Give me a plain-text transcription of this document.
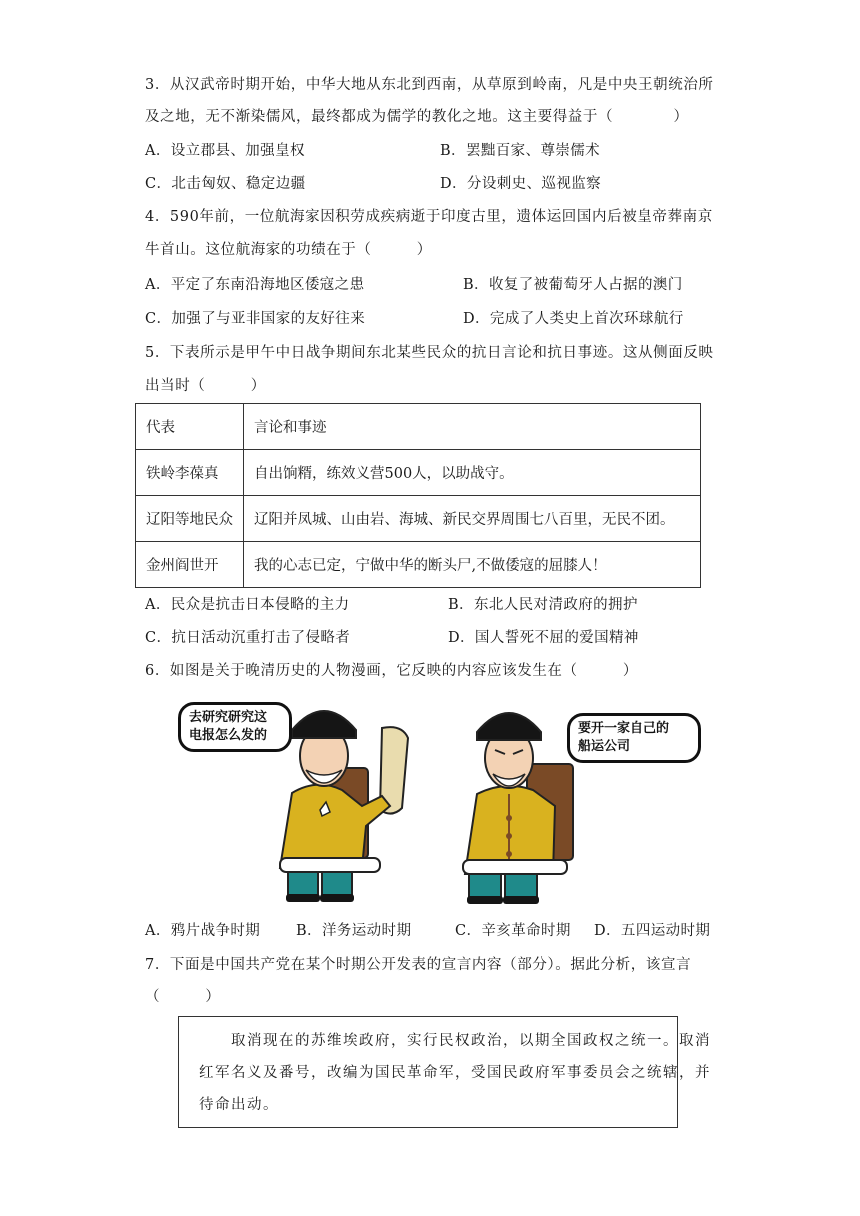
3．从汉武帝时期开始，中华大地从东北到西南，从草原到岭南，凡是中央王朝统治所
及之地，无不渐染儒风，最终都成为儒学的教化之地。这主要得益于（　　　　）
A．设立郡县、加强皇权	B．罢黜百家、尊崇儒术
C．北击匈奴、稳定边疆	D．分设刺史、巡视监察
4．590年前，一位航海家因积劳成疾病逝于印度古里，遗体运回国内后被皇帝葬南京
牛首山。这位航海家的功绩在于（　　　）
A．平定了东南沿海地区倭寇之患	B．收复了被葡萄牙人占据的澳门
C．加强了与亚非国家的友好往来	D．完成了人类史上首次环球航行
5．下表所示是甲午中日战争期间东北某些民众的抗日言论和抗日事迹。这从侧面反映
出当时（　　　）
代表	言论和事迹
铁岭李葆真	自出饷糈，练效义营500人，以助战守。
辽阳等地民众	辽阳并凤城、山由岩、海城、新民交界周围七八百里，无民不团。
金州阎世开	我的心志已定，宁做中华的断头尸,不做倭寇的屈膝人！
A．民众是抗击日本侵略的主力	B．东北人民对清政府的拥护
C．抗日活动沉重打击了侵略者	D．国人誓死不屈的爱国精神
6．如图是关于晚清历史的人物漫画，它反映的内容应该发生在（　　　）
去研究研究这
电报怎么发的	要开一家自己的
船运公司
A．鸦片战争时期 B．洋务运动时期	C．辛亥革命时期 D．五四运动时期
7．下面是中国共产党在某个时期公开发表的宣言内容（部分）。据此分析，该宣言
（　　　）
　　取消现在的苏维埃政府，实行民权政治，以期全国政权之统一。取消
红军名义及番号，改编为国民革命军，受国民政府军事委员会之统辖，并
待命出动。
